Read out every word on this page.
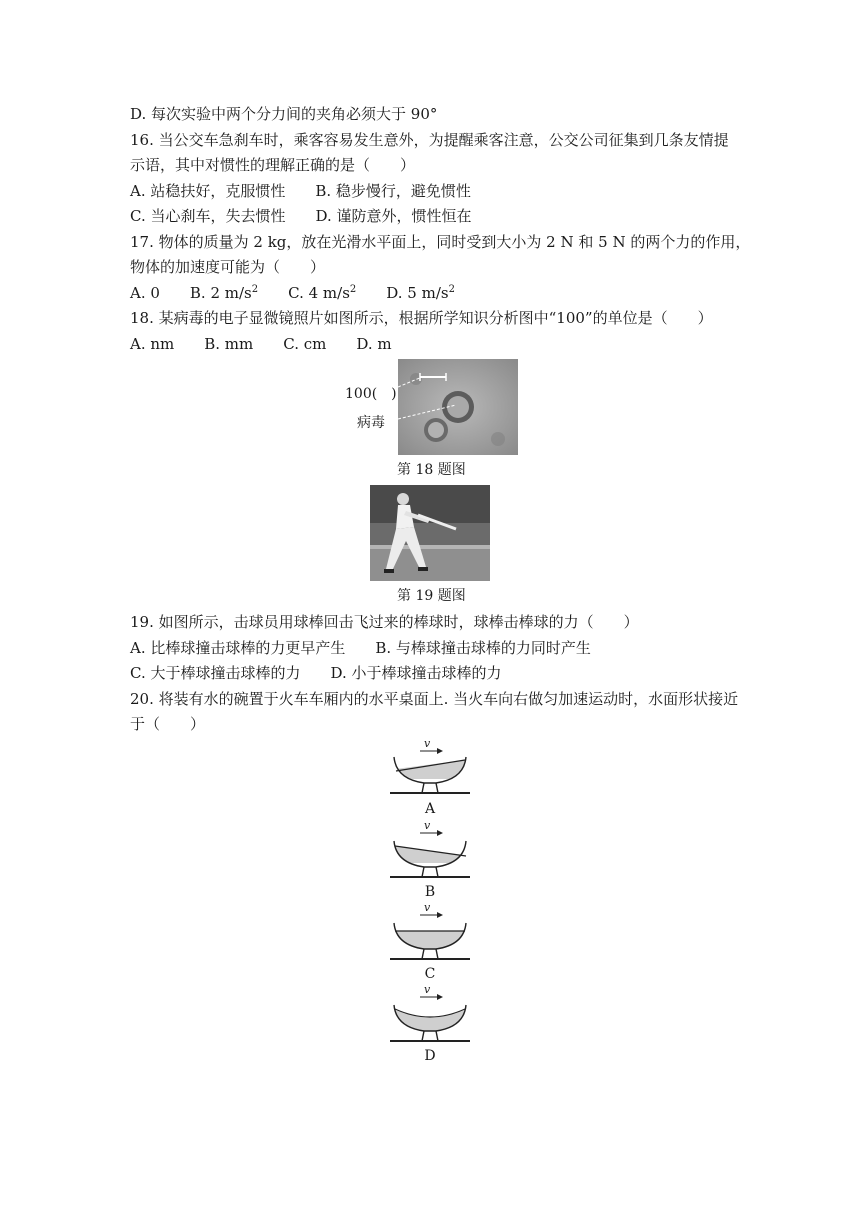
D. 每次实验中两个分力间的夹角必须大于 90°
16. 当公交车急刹车时，乘客容易发生意外，为提醒乘客注意，公交公司征集到几条友情提
示语，其中对惯性的理解正确的是（　　）
A. 站稳扶好，克服惯性　　B. 稳步慢行，避免惯性
C. 当心刹车，失去惯性　　D. 谨防意外，惯性恒在
17. 物体的质量为 2 kg，放在光滑水平面上，同时受到大小为 2 N 和 5 N 的两个力的作用，
物体的加速度可能为（　　）
A. 0　　B. 2 $m/s^2$　　C. 4 $m/s^2$　　D. 5 $m/s^2$
18. 某病毒的电子显微镜照片如图所示，根据所学知识分析图中“100”的单位是（　　）
A. nm　　B. mm　　C. cm　　D. m
100(　)
病毒
第 18 题图
第 19 题图
19. 如图所示，击球员用球棒回击飞过来的棒球时，球棒击棒球的力（　　）
A. 比棒球撞击球棒的力更早产生　　B. 与棒球撞击球棒的力同时产生
C. 大于棒球撞击球棒的力　　D. 小于棒球撞击球棒的力
20. 将装有水的碗置于火车车厢内的水平桌面上. 当火车向右做匀加速运动时，水面形状接近
于（　　）
v
A
v
B
v
C
v
D
